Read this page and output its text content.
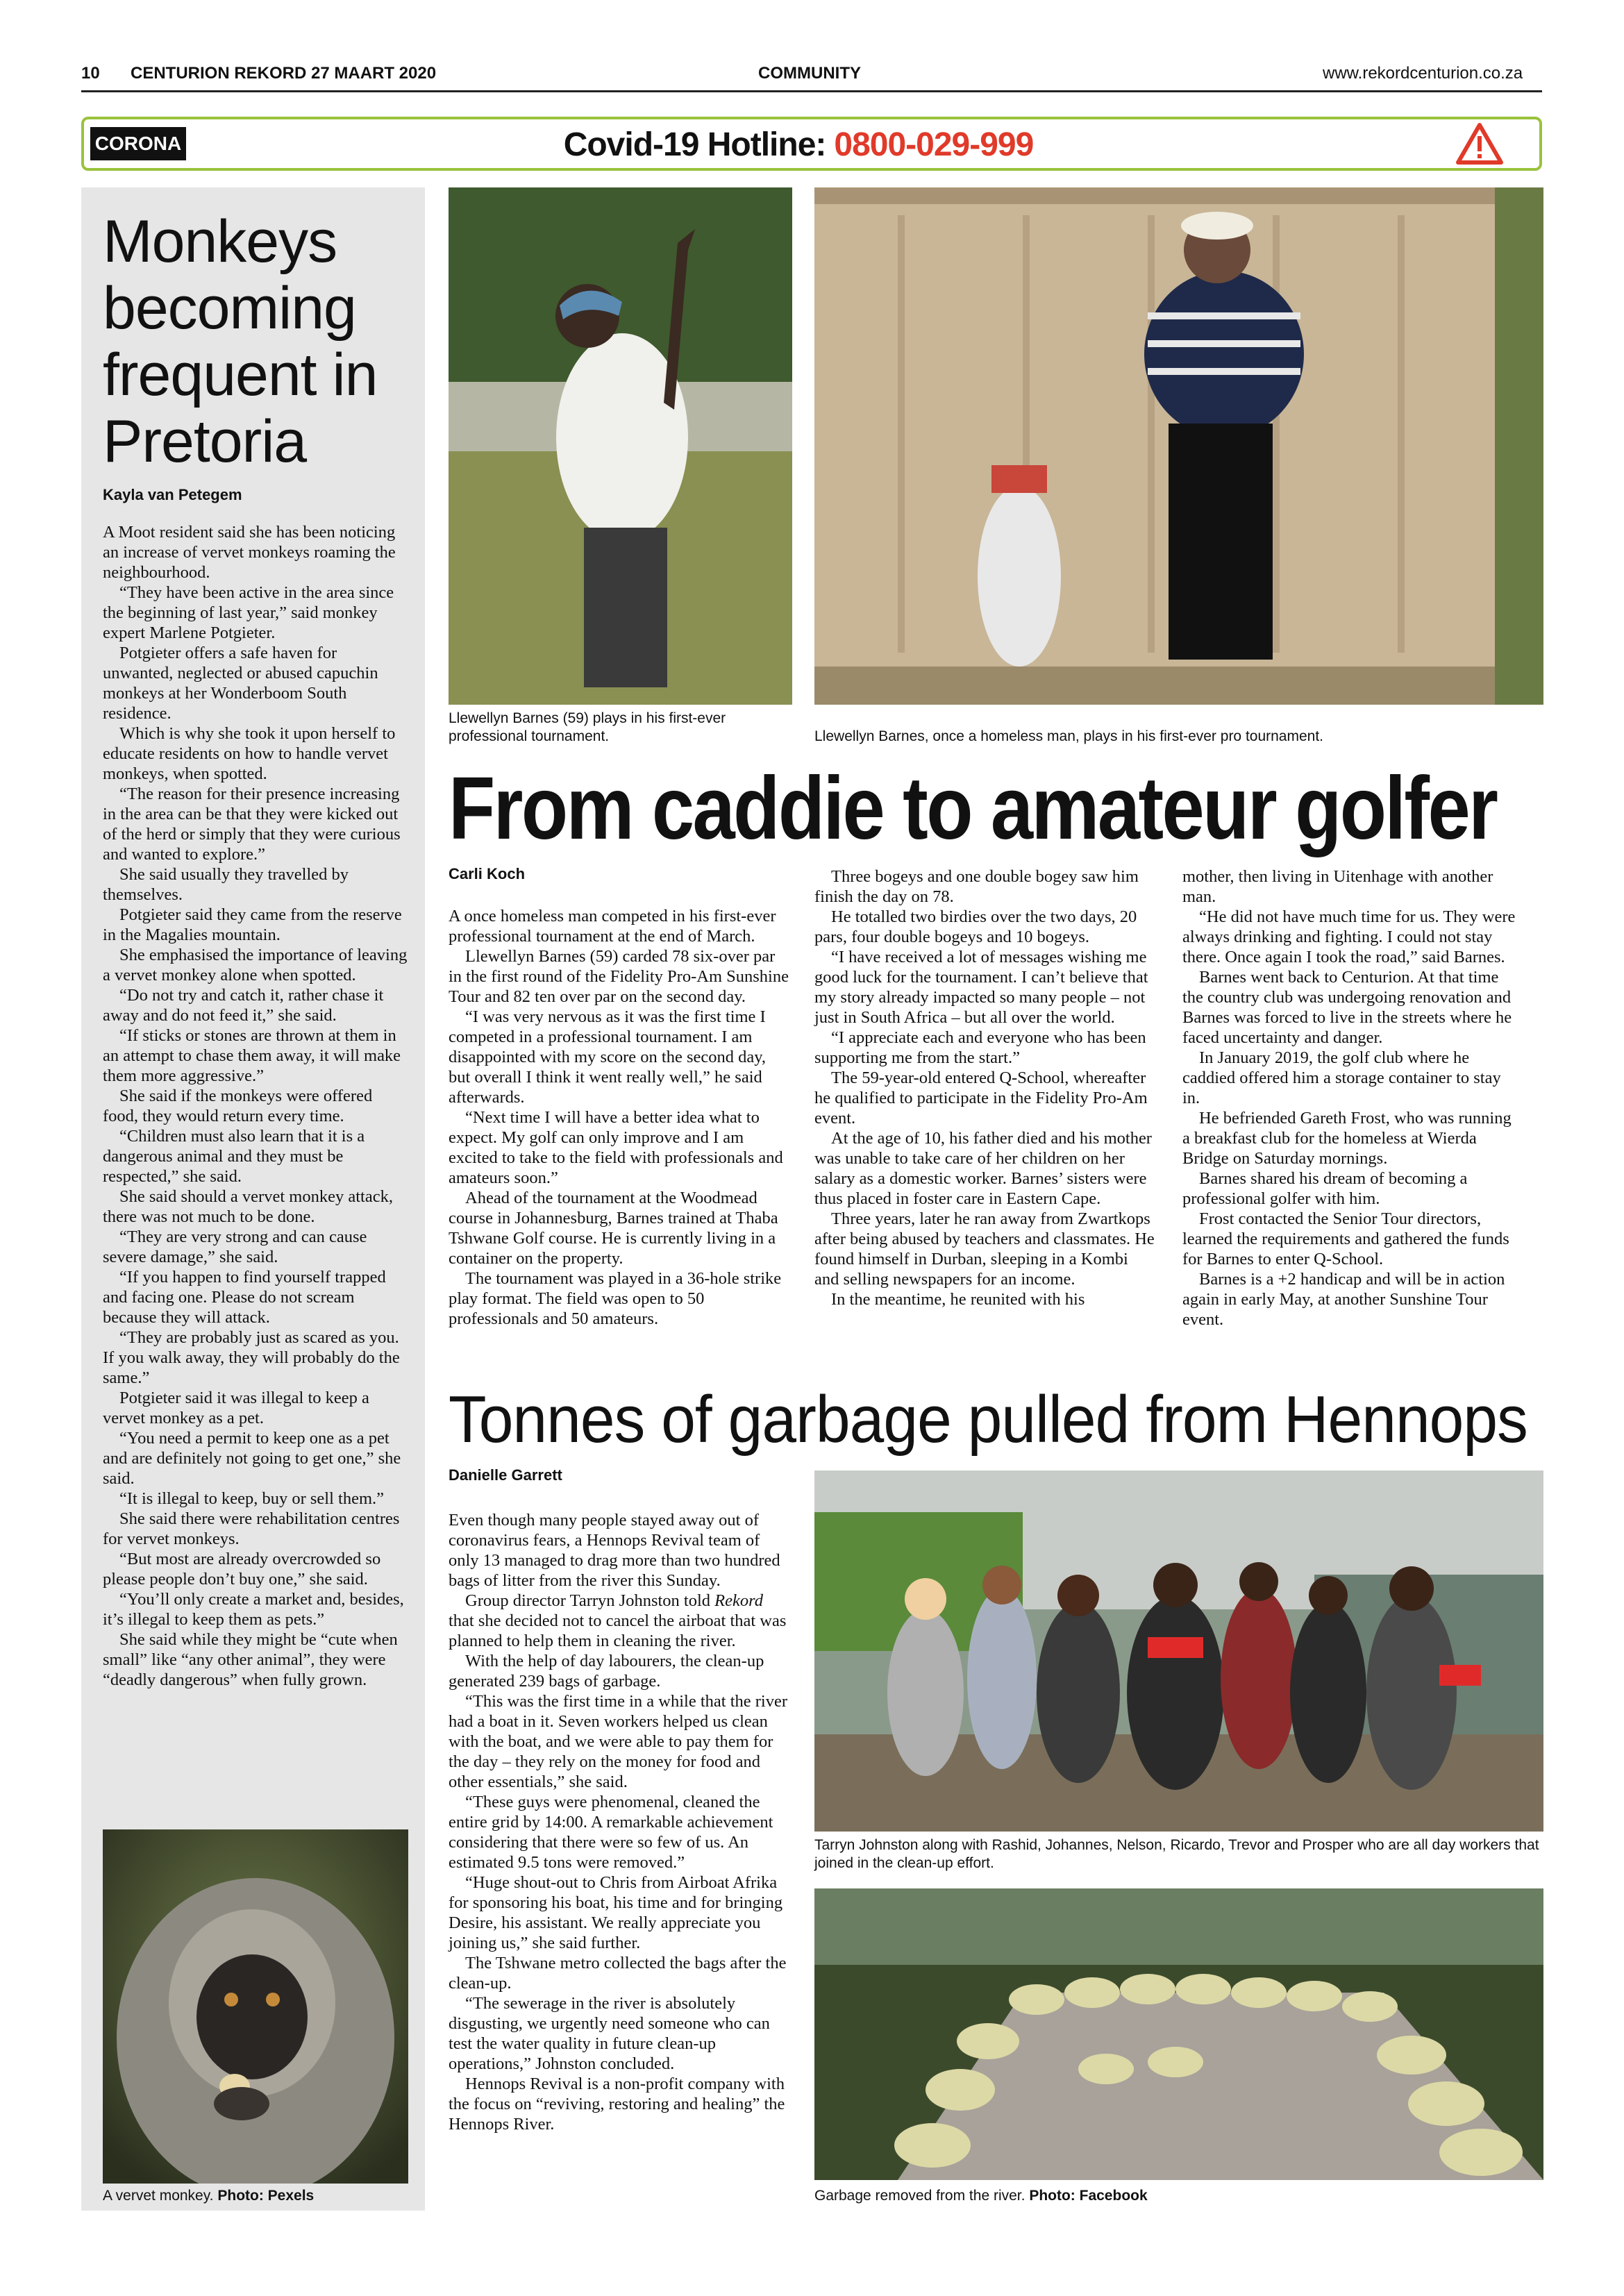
10 CENTURION REKORD 27 MAART 2020	COMMUNITY	www.rekordcenturion.co.za
CORONA	Covid-19 Hotline: 0800-029-999
Monkeys becoming frequent in Pretoria
Kayla van Petegem

A Moot resident said she has been noticing an increase of vervet monkeys roaming the neighbourhood.

“They have been active in the area since the beginning of last year,” said monkey expert Marlene Potgieter.

Potgieter offers a safe haven for unwanted, neglected or abused capuchin monkeys at her Wonderboom South residence.

Which is why she took it upon herself to educate residents on how to handle vervet monkeys, when spotted.

“The reason for their presence increasing in the area can be that they were kicked out of the herd or simply that they were curious and wanted to explore.”

She said usually they travelled by themselves.

Potgieter said they came from the reserve in the Magalies mountain.

She emphasised the importance of leaving a vervet monkey alone when spotted.

“Do not try and catch it, rather chase it away and do not feed it,” she said.

“If sticks or stones are thrown at them in an attempt to chase them away, it will make them more aggressive.”

She said if the monkeys were offered food, they would return every time.

“Children must also learn that it is a dangerous animal and they must be respected,” she said.

She said should a vervet monkey attack, there was not much to be done.

“They are very strong and can cause severe damage,” she said.

“If you happen to find yourself trapped and facing one. Please do not scream because they will attack.

“They are probably just as scared as you. If you walk away, they will probably do the same.”

Potgieter said it was illegal to keep a vervet monkey as a pet.

“You need a permit to keep one as a pet and are definitely not going to get one,” she said.

“It is illegal to keep, buy or sell them.”

She said there were rehabilitation centres for vervet monkeys.

“But most are already overcrowded so please people don’t buy one,” she said.

“You’ll only create a market and, besides, it’s illegal to keep them as pets.”

She said while they might be “cute when small” like “any other animal”, they were “deadly dangerous” when fully grown.

A vervet monkey. Photo: Pexels
Llewellyn Barnes (59) plays in his first-ever professional tournament.	Llewellyn Barnes, once a homeless man, plays in his first-ever pro tournament.
From caddie to amateur golfer
Carli Koch

A once homeless man competed in his first-ever professional tournament at the end of March.

Llewellyn Barnes (59) carded 78 six-over par in the first round of the Fidelity Pro-Am Sunshine Tour and 82 ten over par on the second day.

“I was very nervous as it was the first time I competed in a professional tournament. I am disappointed with my score on the second day, but overall I think it went really well,” he said afterwards.

“Next time I will have a better idea what to expect. My golf can only improve and I am excited to take to the field with professionals and amateurs soon.”

Ahead of the tournament at the Woodmead course in Johannesburg, Barnes trained at Thaba Tshwane Golf course. He is currently living in a container on the property.

The tournament was played in a 36-hole strike play format. The field was open to 50 professionals and 50 amateurs.

Three bogeys and one double bogey saw him finish the day on 78.

He totalled two birdies over the two days, 20 pars, four double bogeys and 10 bogeys.

“I have received a lot of messages wishing me good luck for the tournament. I can’t believe that my story already impacted so many people – not just in South Africa – but all over the world.

“I appreciate each and everyone who has been supporting me from the start.”

The 59-year-old entered Q-School, whereafter he qualified to participate in the Fidelity Pro-Am event.

At the age of 10, his father died and his mother was unable to take care of her children on her salary as a domestic worker. Barnes’ sisters were thus placed in foster care in Eastern Cape.

Three years, later he ran away from Zwartkops after being abused by teachers and classmates. He found himself in Durban, sleeping in a Kombi and selling newspapers for an income.

In the meantime, he reunited with his

mother, then living in Uitenhage with another man.

“He did not have much time for us. They were always drinking and fighting. I could not stay there. Once again I took the road,” said Barnes.

Barnes went back to Centurion. At that time the country club was undergoing renovation and Barnes was forced to live in the streets where he faced uncertainty and danger.

In January 2019, the golf club where he caddied offered him a storage container to stay in.

He befriended Gareth Frost, who was running a breakfast club for the homeless at Wierda Bridge on Saturday mornings.

Barnes shared his dream of becoming a professional golfer with him.

Frost contacted the Senior Tour directors, learned the requirements and gathered the funds for Barnes to enter Q-School.

Barnes is a +2 handicap and will be in action again in early May, at another Sunshine Tour event.

Tonnes of garbage pulled from Hennops
Danielle Garrett

Even though many people stayed away out of coronavirus fears, a Hennops Revival team of only 13 managed to drag more than two hundred bags of litter from the river this Sunday.

Group director Tarryn Johnston told Rekord that she decided not to cancel the airboat that was planned to help them in cleaning the river.

With the help of day labourers, the clean-up generated 239 bags of garbage.

“This was the first time in a while that the river had a boat in it. Seven workers helped us clean with the boat, and we were able to pay them for the day – they rely on the money for food and other essentials,” she said.

“These guys were phenomenal, cleaned the entire grid by 14:00. A remarkable achievement considering that there were so few of us. An estimated 9.5 tons were removed.”

“Huge shout-out to Chris from Airboat Afrika for sponsoring his boat, his time and for bringing Desire, his assistant. We really appreciate you joining us,” she said further.

The Tshwane metro collected the bags after the clean-up.

“The sewerage in the river is absolutely disgusting, we urgently need someone who can test the water quality in future clean-up operations,” Johnston concluded.

Hennops Revival is a non-profit company with the focus on “reviving, restoring and healing” the Hennops River.

Tarryn Johnston along with Rashid, Johannes, Nelson, Ricardo, Trevor and Prosper who are all day workers that joined in the clean-up effort.
Garbage removed from the river. Photo: Facebook
